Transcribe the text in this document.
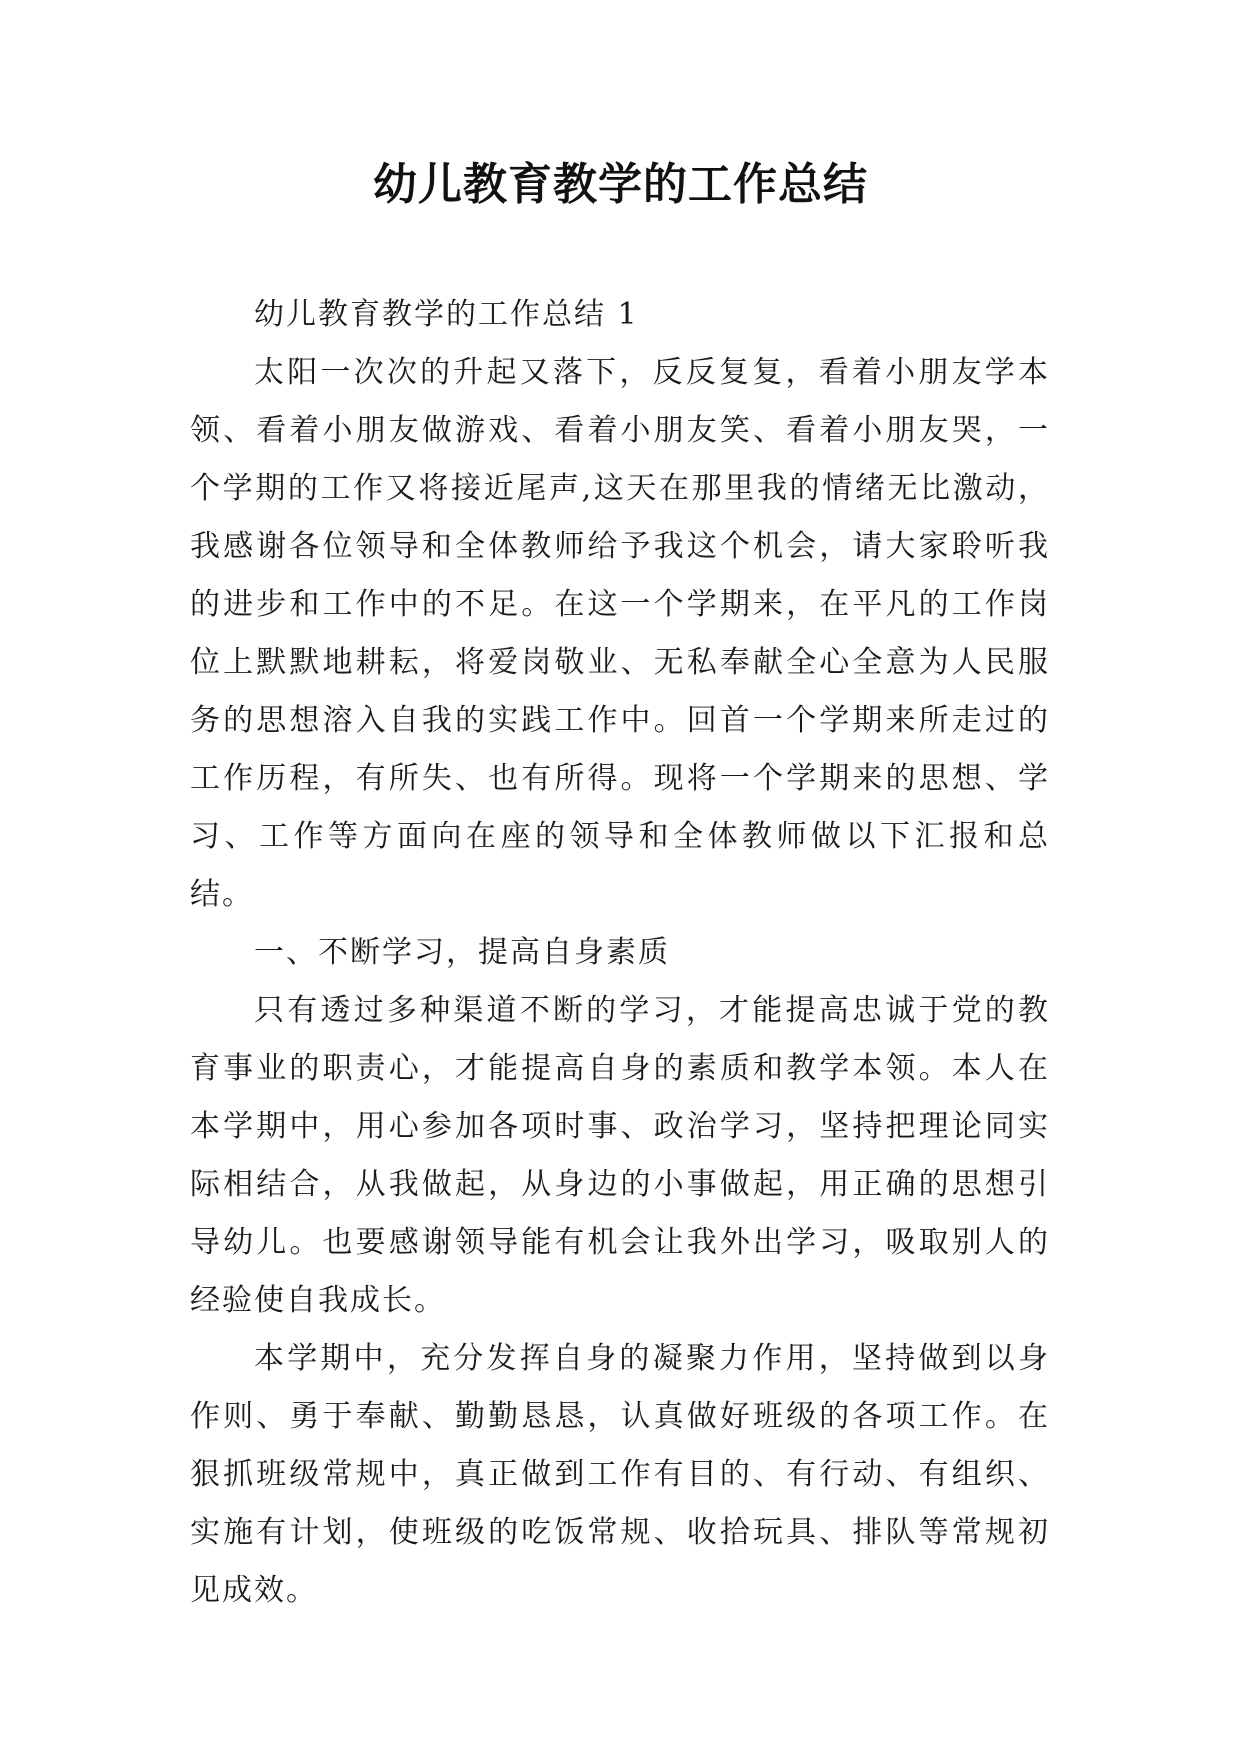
幼儿教育教学的工作总结

幼儿教育教学的工作总结 1

太阳一次次的升起又落下，反反复复，看着小朋友学本领、看着小朋友做游戏、看着小朋友笑、看着小朋友哭，一个学期的工作又将接近尾声,这天在那里我的情绪无比激动，我感谢各位领导和全体教师给予我这个机会，请大家聆听我的进步和工作中的不足。在这一个学期来，在平凡的工作岗位上默默地耕耘，将爱岗敬业、无私奉献全心全意为人民服务的思想溶入自我的实践工作中。回首一个学期来所走过的工作历程，有所失、也有所得。现将一个学期来的思想、学习、工作等方面向在座的领导和全体教师做以下汇报和总结。

一、不断学习，提高自身素质

只有透过多种渠道不断的学习，才能提高忠诚于党的教育事业的职责心，才能提高自身的素质和教学本领。本人在本学期中，用心参加各项时事、政治学习，坚持把理论同实际相结合，从我做起，从身边的小事做起，用正确的思想引导幼儿。也要感谢领导能有机会让我外出学习，吸取别人的经验使自我成长。

本学期中，充分发挥自身的凝聚力作用，坚持做到以身作则、勇于奉献、勤勤恳恳，认真做好班级的各项工作。在狠抓班级常规中，真正做到工作有目的、有行动、有组织、实施有计划，使班级的吃饭常规、收拾玩具、排队等常规初见成效。
